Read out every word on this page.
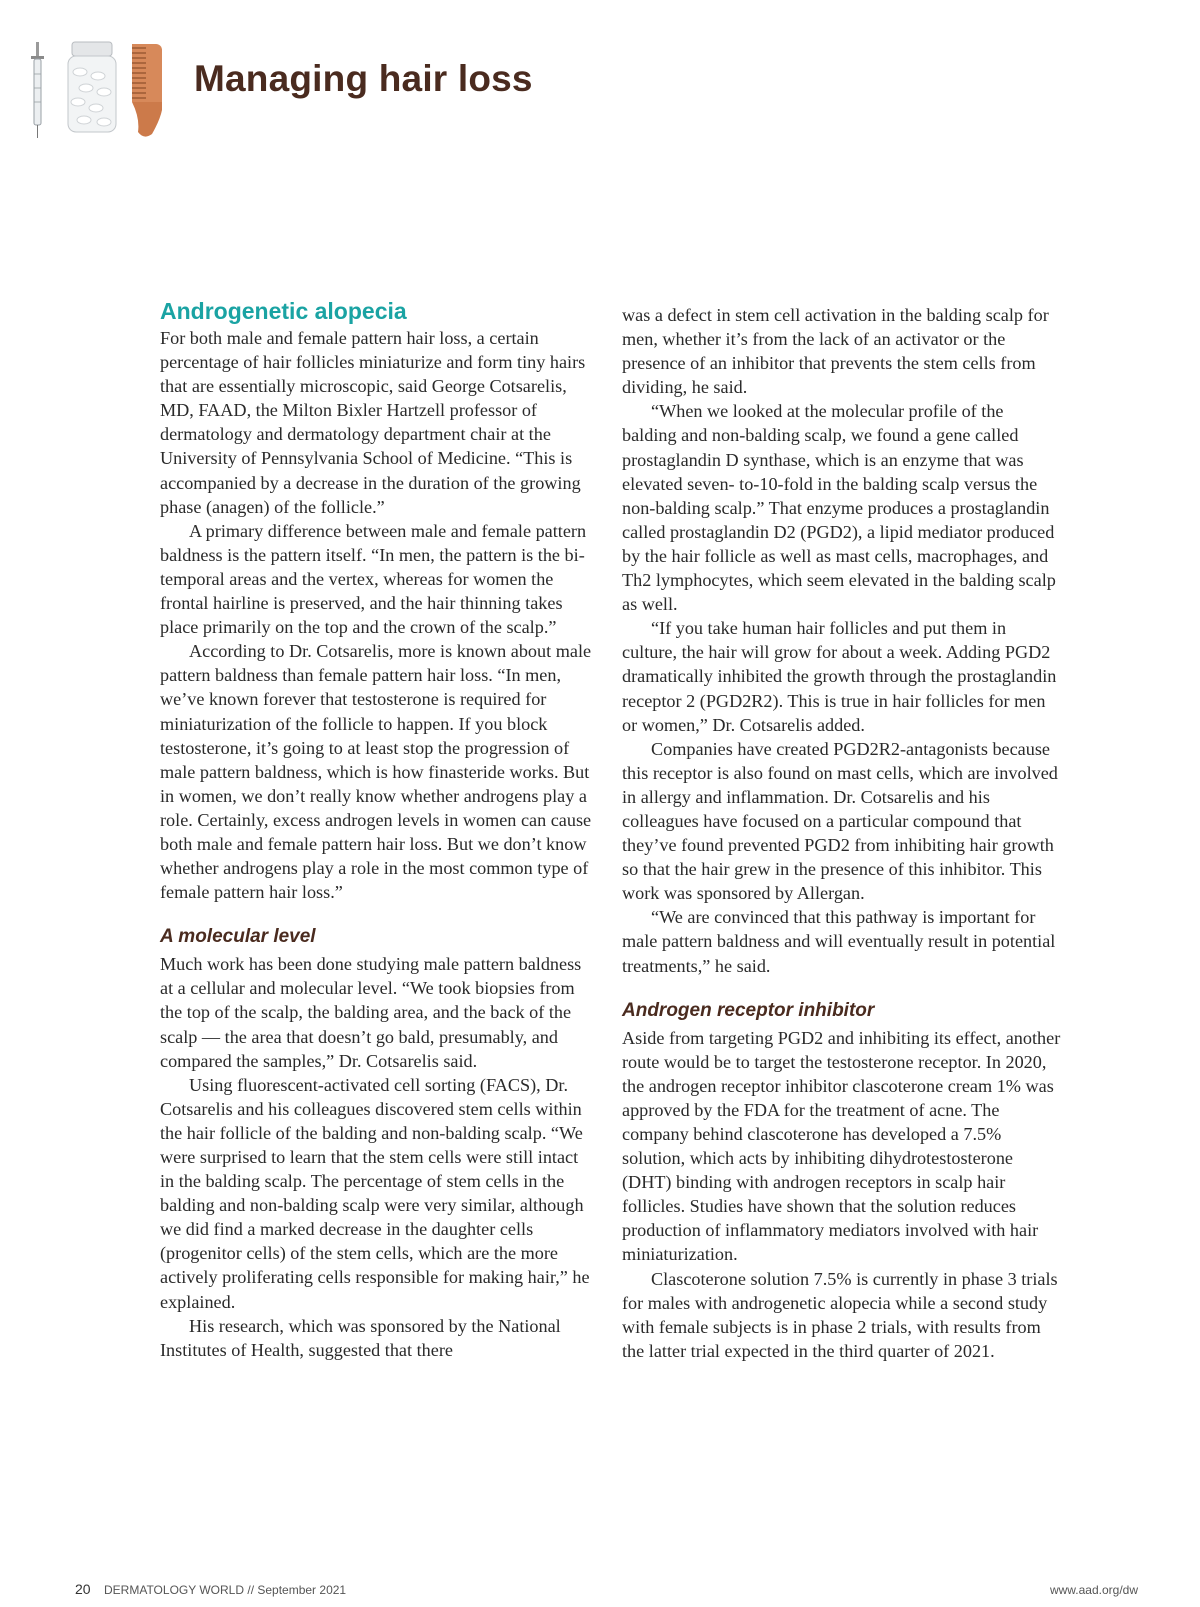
Managing hair loss
Androgenetic alopecia

For both male and female pattern hair loss, a certain percentage of hair follicles miniaturize and form tiny hairs that are essentially microscopic, said George Cotsarelis, MD, FAAD, the Milton Bixler Hartzell professor of dermatology and dermatology department chair at the University of Pennsylvania School of Medicine. “This is accompanied by a decrease in the duration of the growing phase (anagen) of the follicle.”

A primary difference between male and female pattern baldness is the pattern itself. “In men, the pattern is the bi-temporal areas and the vertex, whereas for women the frontal hairline is preserved, and the hair thinning takes place primarily on the top and the crown of the scalp.”

According to Dr. Cotsarelis, more is known about male pattern baldness than female pattern hair loss. “In men, we’ve known forever that testosterone is required for miniaturization of the follicle to happen. If you block testosterone, it’s going to at least stop the progression of male pattern baldness, which is how finasteride works. But in women, we don’t really know whether androgens play a role. Certainly, excess androgen levels in women can cause both male and female pattern hair loss. But we don’t know whether androgens play a role in the most common type of female pattern hair loss.”

A molecular level

Much work has been done studying male pattern baldness at a cellular and molecular level. “We took biopsies from the top of the scalp, the balding area, and the back of the scalp — the area that doesn’t go bald, presumably, and compared the samples,” Dr. Cotsarelis said.

Using fluorescent-activated cell sorting (FACS), Dr. Cotsarelis and his colleagues discovered stem cells within the hair follicle of the balding and non-balding scalp. “We were surprised to learn that the stem cells were still intact in the balding scalp. The percentage of stem cells in the balding and non-balding scalp were very similar, although we did find a marked decrease in the daughter cells (progenitor cells) of the stem cells, which are the more actively proliferating cells responsible for making hair,” he explained.

His research, which was sponsored by the National Institutes of Health, suggested that there

was a defect in stem cell activation in the balding scalp for men, whether it’s from the lack of an activator or the presence of an inhibitor that prevents the stem cells from dividing, he said.

“When we looked at the molecular profile of the balding and non-balding scalp, we found a gene called prostaglandin D synthase, which is an enzyme that was elevated seven- to-10-fold in the balding scalp versus the non-balding scalp.” That enzyme produces a prostaglandin called prostaglandin D2 (PGD2), a lipid mediator produced by the hair follicle as well as mast cells, macrophages, and Th2 lymphocytes, which seem elevated in the balding scalp as well.

“If you take human hair follicles and put them in culture, the hair will grow for about a week. Adding PGD2 dramatically inhibited the growth through the prostaglandin receptor 2 (PGD2R2). This is true in hair follicles for men or women,” Dr. Cotsarelis added.

Companies have created PGD2R2-antagonists because this receptor is also found on mast cells, which are involved in allergy and inflammation. Dr. Cotsarelis and his colleagues have focused on a particular compound that they’ve found prevented PGD2 from inhibiting hair growth so that the hair grew in the presence of this inhibitor. This work was sponsored by Allergan.

“We are convinced that this pathway is important for male pattern baldness and will eventually result in potential treatments,” he said.

Androgen receptor inhibitor

Aside from targeting PGD2 and inhibiting its effect, another route would be to target the testosterone receptor. In 2020, the androgen receptor inhibitor clascoterone cream 1% was approved by the FDA for the treatment of acne. The company behind clascoterone has developed a 7.5% solution, which acts by inhibiting dihydrotestosterone (DHT) binding with androgen receptors in scalp hair follicles. Studies have shown that the solution reduces production of inflammatory mediators involved with hair miniaturization.

Clascoterone solution 7.5% is currently in phase 3 trials for males with androgenetic alopecia while a second study with female subjects is in phase 2 trials, with results from the latter trial expected in the third quarter of 2021.

20 DERMATOLOGY WORLD // September 2021	www.aad.org/dw
